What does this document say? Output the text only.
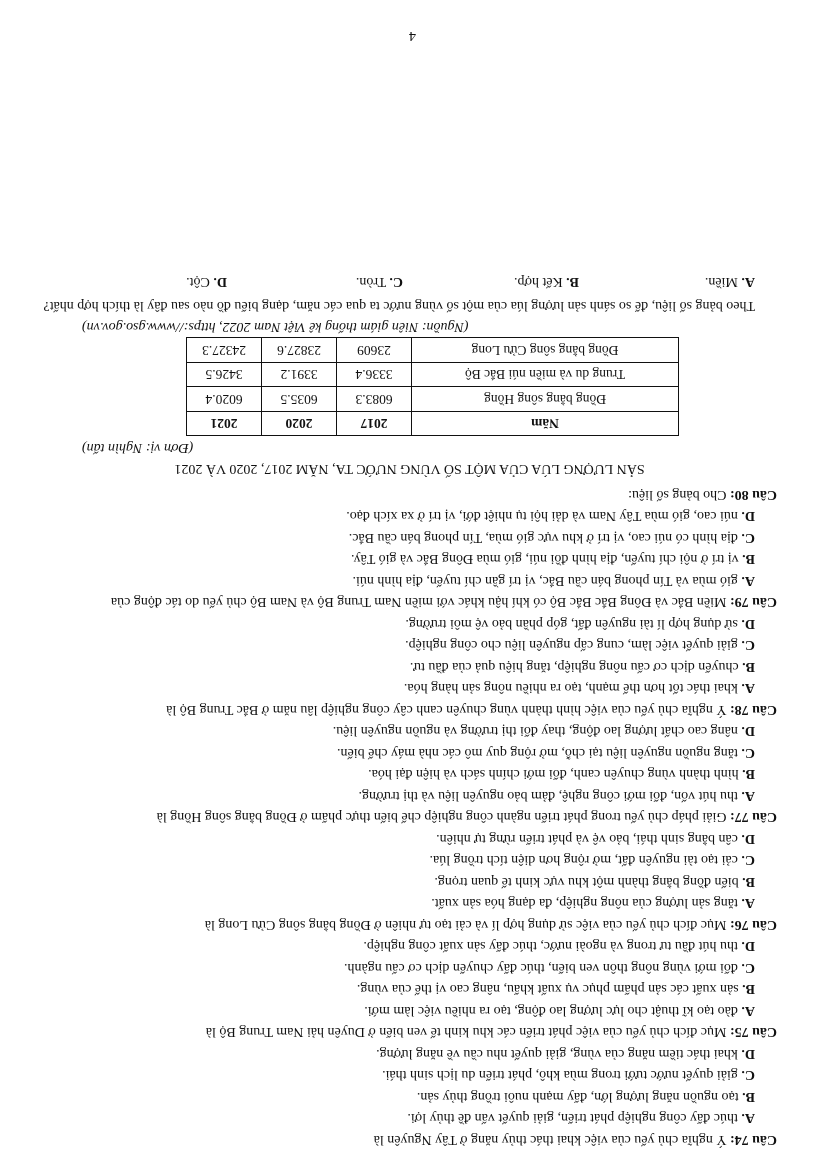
Câu 74: Ý nghĩa chủ yếu của việc khai thác thủy năng ở Tây Nguyên là
A. thúc đẩy công nghiệp phát triển, giải quyết vấn đề thủy lợi.
B. tạo nguồn năng lượng lớn, đẩy mạnh nuôi trồng thủy sản.
C. giải quyết nước tưới trong mùa khô, phát triển du lịch sinh thái.
D. khai thác tiềm năng của vùng, giải quyết nhu cầu về năng lượng.
Câu 75: Mục đích chủ yếu của việc phát triển các khu kinh tế ven biển ở Duyên hải Nam Trung Bộ là
A. đào tạo kĩ thuật cho lực lượng lao động, tạo ra nhiều việc làm mới.
B. sản xuất các sản phẩm phục vụ xuất khẩu, nâng cao vị thế của vùng.
C. đổi mới vùng nông thôn ven biển, thúc đẩy chuyển dịch cơ cấu ngành.
D. thu hút đầu tư trong và ngoài nước, thúc đẩy sản xuất công nghiệp.
Câu 76: Mục đích chủ yếu của việc sử dụng hợp lí và cải tạo tự nhiên ở Đồng bằng sông Cửu Long là
A. tăng sản lượng của nông nghiệp, đa dạng hóa sản xuất.
B. biến đồng bằng thành một khu vực kinh tế quan trọng.
C. cải tạo tài nguyên đất, mở rộng hơn diện tích trồng lúa.
D. cân bằng sinh thái, bảo vệ và phát triển rừng tự nhiên.
Câu 77: Giải pháp chủ yếu trong phát triển ngành công nghiệp chế biến thực phẩm ở Đồng bằng sông Hồng là
A. thu hút vốn, đổi mới công nghệ, đảm bảo nguyên liệu và thị trường.
B. hình thành vùng chuyên canh, đổi mới chính sách và hiện đại hóa.
C. tăng nguồn nguyên liệu tại chỗ, mở rộng quy mô các nhà máy chế biến.
D. nâng cao chất lượng lao động, thay đổi thị trường và nguồn nguyên liệu.
Câu 78: Ý nghĩa chủ yếu của việc hình thành vùng chuyên canh cây công nghiệp lâu năm ở Bắc Trung Bộ là
A. khai thác tốt hơn thế mạnh, tạo ra nhiều nông sản hàng hóa.
B. chuyển dịch cơ cấu nông nghiệp, tăng hiệu quả của đầu tư.
C. giải quyết việc làm, cung cấp nguyên liệu cho công nghiệp.
D. sử dụng hợp lí tài nguyên đất, góp phần bảo vệ môi trường.
Câu 79: Miền Bắc và Đông Bắc Bắc Bộ có khí hậu khác với miền Nam Trung Bộ và Nam Bộ chủ yếu do tác động của
A. gió mùa và Tín phong bán cầu Bắc, vị trí gần chí tuyến, địa hình núi.
B. vị trí ở nội chí tuyến, địa hình đồi núi, gió mùa Đông Bắc và gió Tây.
C. địa hình có núi cao, vị trí ở khu vực gió mùa, Tín phong bán cầu Bắc.
D. núi cao, gió mùa Tây Nam và dải hội tụ nhiệt đới, vị trí ở xa xích đạo.
Câu 80: Cho bảng số liệu:
SẢN LƯỢNG LÚA CỦA MỘT SỐ VÙNG NƯỚC TA, NĂM 2017, 2020 VÀ 2021
(Đơn vị: Nghìn tấn)
Năm	2017	2020	2021
Đồng bằng sông Hồng	6083.3	6035.5	6020.4
Trung du và miền núi Bắc Bộ	3336.4	3391.2	3426.5
Đồng bằng sông Cửu Long	23609	23827.6	24327.3
(Nguồn: Niên giám thống kê Việt Nam 2022, https://www.gso.gov.vn)
Theo bảng số liệu, để so sánh sản lượng lúa của một số vùng nước ta qua các năm, dạng biểu đồ nào sau đây là thích hợp nhất?
A. Miền.
B. Kết hợp.
C. Tròn.
D. Cột.
4
